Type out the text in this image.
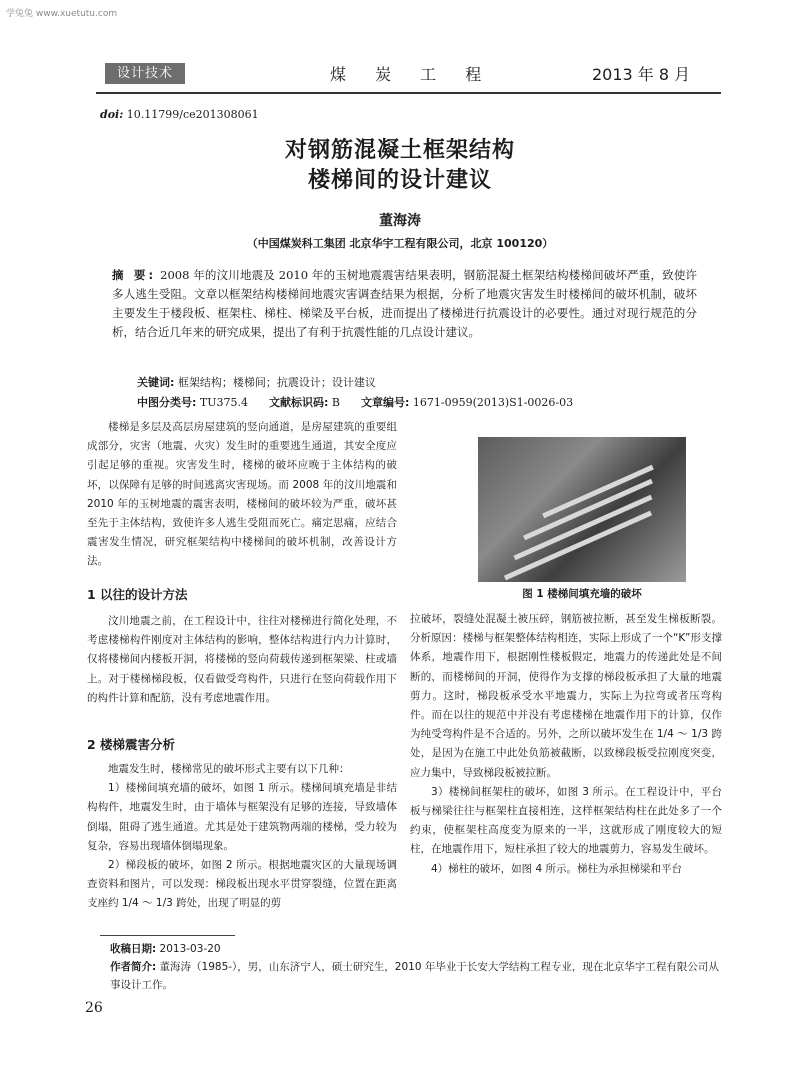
学兔兔 www.xuetutu.com
设计技术	煤 炭 工 程	2013 年 8 月
doi: 10.11799/ce201308061
对钢筋混凝土框架结构
楼梯间的设计建议
董海涛
（中国煤炭科工集团 北京华宇工程有限公司，北京 100120）
摘 要: 2008 年的汶川地震及 2010 年的玉树地震震害结果表明，钢筋混凝土框架结构楼梯间破坏严重，致使许多人逃生受阻。文章以框架结构楼梯间地震灾害调查结果为根据，分析了地震灾害发生时楼梯间的破坏机制，破坏主要发生于楼段板、框架柱、梯柱、梯梁及平台板，进而提出了楼梯进行抗震设计的必要性。通过对现行规范的分析，结合近几年来的研究成果，提出了有利于抗震性能的几点设计建议。
关键词: 框架结构；楼梯间；抗震设计；设计建议
中图分类号: TU375.4 文献标识码: B 文章编号: 1671-0959(2013)S1-0026-03

楼梯是多层及高层房屋建筑的竖向通道，是房屋建筑的重要组成部分，灾害（地震、火灾）发生时的重要逃生通道，其安全度应引起足够的重视。灾害发生时，楼梯的破坏应晚于主体结构的破坏，以保障有足够的时间逃离灾害现场。而 2008 年的汶川地震和 2010 年的玉树地震的震害表明，楼梯间的破坏较为严重，破坏甚至先于主体结构，致使许多人逃生受阻而死亡。痛定思痛，应结合震害发生情况，研究框架结构中楼梯间的破坏机制，改善设计方法。

1 以往的设计方法

汶川地震之前，在工程设计中，往往对楼梯进行简化处理，不考虑楼梯构件刚度对主体结构的影响，整体结构进行内力计算时，仅将楼梯间内楼板开洞，将楼梯的竖向荷载传递到框架梁、柱或墙上。对于楼梯梯段板，仅看做受弯构件，只进行在竖向荷载作用下的构件计算和配筋，没有考虑地震作用。

2 楼梯震害分析

地震发生时，楼梯常见的破坏形式主要有以下几种：

1）楼梯间填充墙的破坏，如图 1 所示。楼梯间填充墙是非结构构件，地震发生时，由于墙体与框架没有足够的连接，导致墙体倒塌，阻碍了逃生通道。尤其是处于建筑物两端的楼梯，受力较为复杂，容易出现墙体倒塌现象。

2）梯段板的破坏，如图 2 所示。根据地震灾区的大量现场调查资料和图片，可以发现：梯段板出现水平贯穿裂缝，位置在距离支座约 1/4 ～ 1/3 跨处，出现了明显的剪

图 1 楼梯间填充墙的破坏

拉破坏，裂缝处混凝土被压碎，钢筋被拉断，甚至发生梯板断裂。分析原因：楼梯与框架整体结构相连，实际上形成了一个“K”形支撑体系，地震作用下，根据刚性楼板假定，地震力的传递此处是不间断的，而楼梯间的开洞，使得作为支撑的梯段板承担了大量的地震剪力。这时，梯段板承受水平地震力，实际上为拉弯或者压弯构件。而在以往的规范中并没有考虑楼梯在地震作用下的计算，仅作为纯受弯构件是不合适的。另外，之所以破坏发生在 1/4 ～ 1/3 跨处，是因为在施工中此处负筋被截断，以致梯段板受拉刚度突变，应力集中，导致梯段板被拉断。

3）楼梯间框架柱的破坏，如图 3 所示。在工程设计中，平台板与梯梁往往与框架柱直接相连，这样框架结构柱在此处多了一个约束，使框架柱高度变为原来的一半，这就形成了刚度较大的短柱，在地震作用下，短柱承担了较大的地震剪力，容易发生破坏。

4）梯柱的破坏，如图 4 所示。梯柱为承担梯梁和平台

收稿日期: 2013-03-20
作者简介: 董海涛（1985-），男，山东济宁人，硕士研究生，2010 年毕业于长安大学结构工程专业，现在北京华宇工程有限公司从事设计工作。
26
